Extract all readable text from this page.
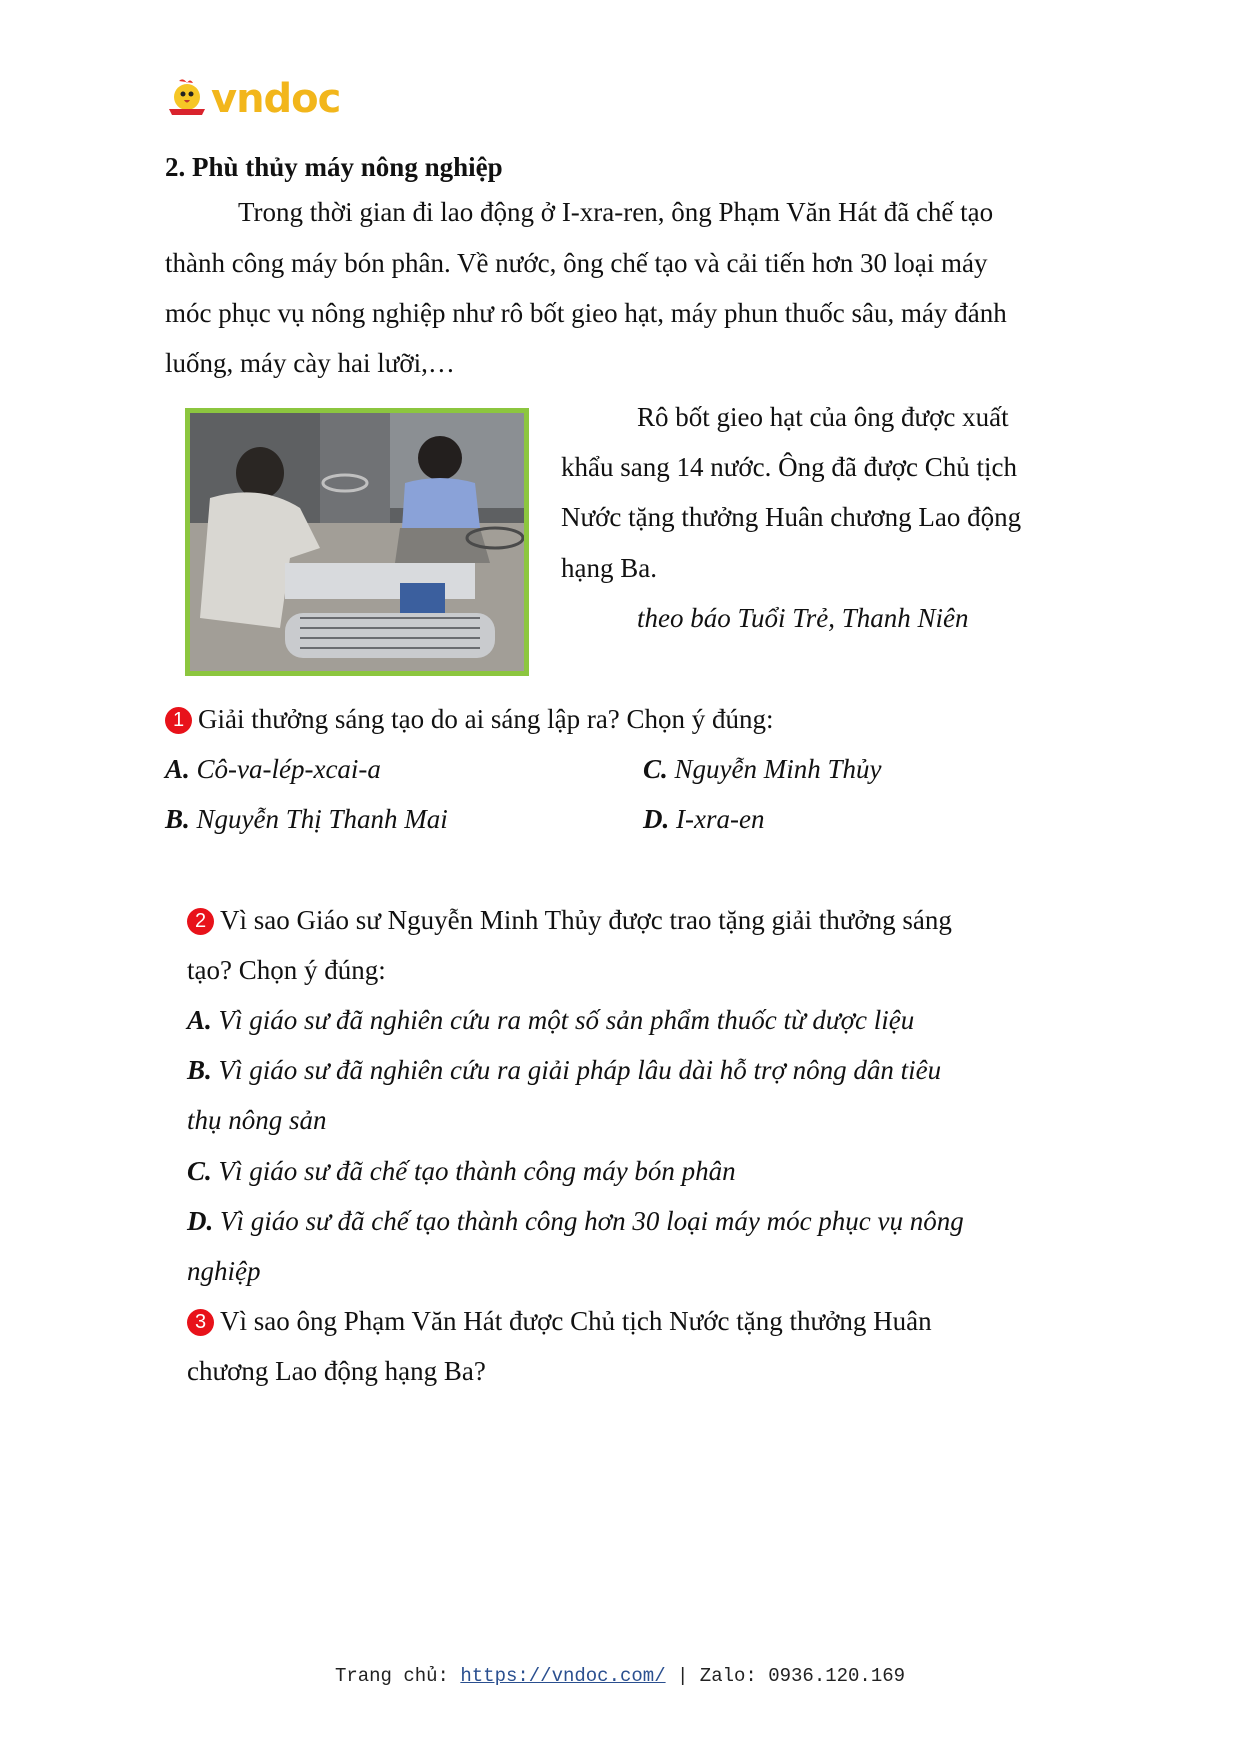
vndoc
2. Phù thủy máy nông nghiệp
Trong thời gian đi lao động ở I-xra-ren, ông Phạm Văn Hát đã chế tạo
thành công máy bón phân. Về nước, ông chế tạo và cải tiến hơn 30 loại máy
móc phục vụ nông nghiệp như rô bốt gieo hạt, máy phun thuốc sâu, máy đánh
luống, máy cày hai lưỡi,…
Rô bốt gieo hạt của ông được xuất
khẩu sang 14 nước. Ông đã được Chủ tịch
Nước tặng thưởng Huân chương Lao động
hạng Ba.
theo báo Tuổi Trẻ, Thanh Niên
1 Giải thưởng sáng tạo do ai sáng lập ra? Chọn ý đúng:
A. Cô-va-lép-xcai-a
B. Nguyễn Thị Thanh Mai
C. Nguyễn Minh Thủy
D. I-xra-en
2 Vì sao Giáo sư Nguyễn Minh Thủy được trao tặng giải thưởng sáng
tạo? Chọn ý đúng:
A. Vì giáo sư đã nghiên cứu ra một số sản phẩm thuốc từ dược liệu
B. Vì giáo sư đã nghiên cứu ra giải pháp lâu dài hỗ trợ nông dân tiêu
thụ nông sản
C. Vì giáo sư đã chế tạo thành công máy bón phân
D. Vì giáo sư đã chế tạo thành công hơn 30 loại máy móc phục vụ nông
nghiệp
3 Vì sao ông Phạm Văn Hát được Chủ tịch Nước tặng thưởng Huân
chương Lao động hạng Ba?
Trang chủ: https://vndoc.com/ | Zalo: 0936.120.169
